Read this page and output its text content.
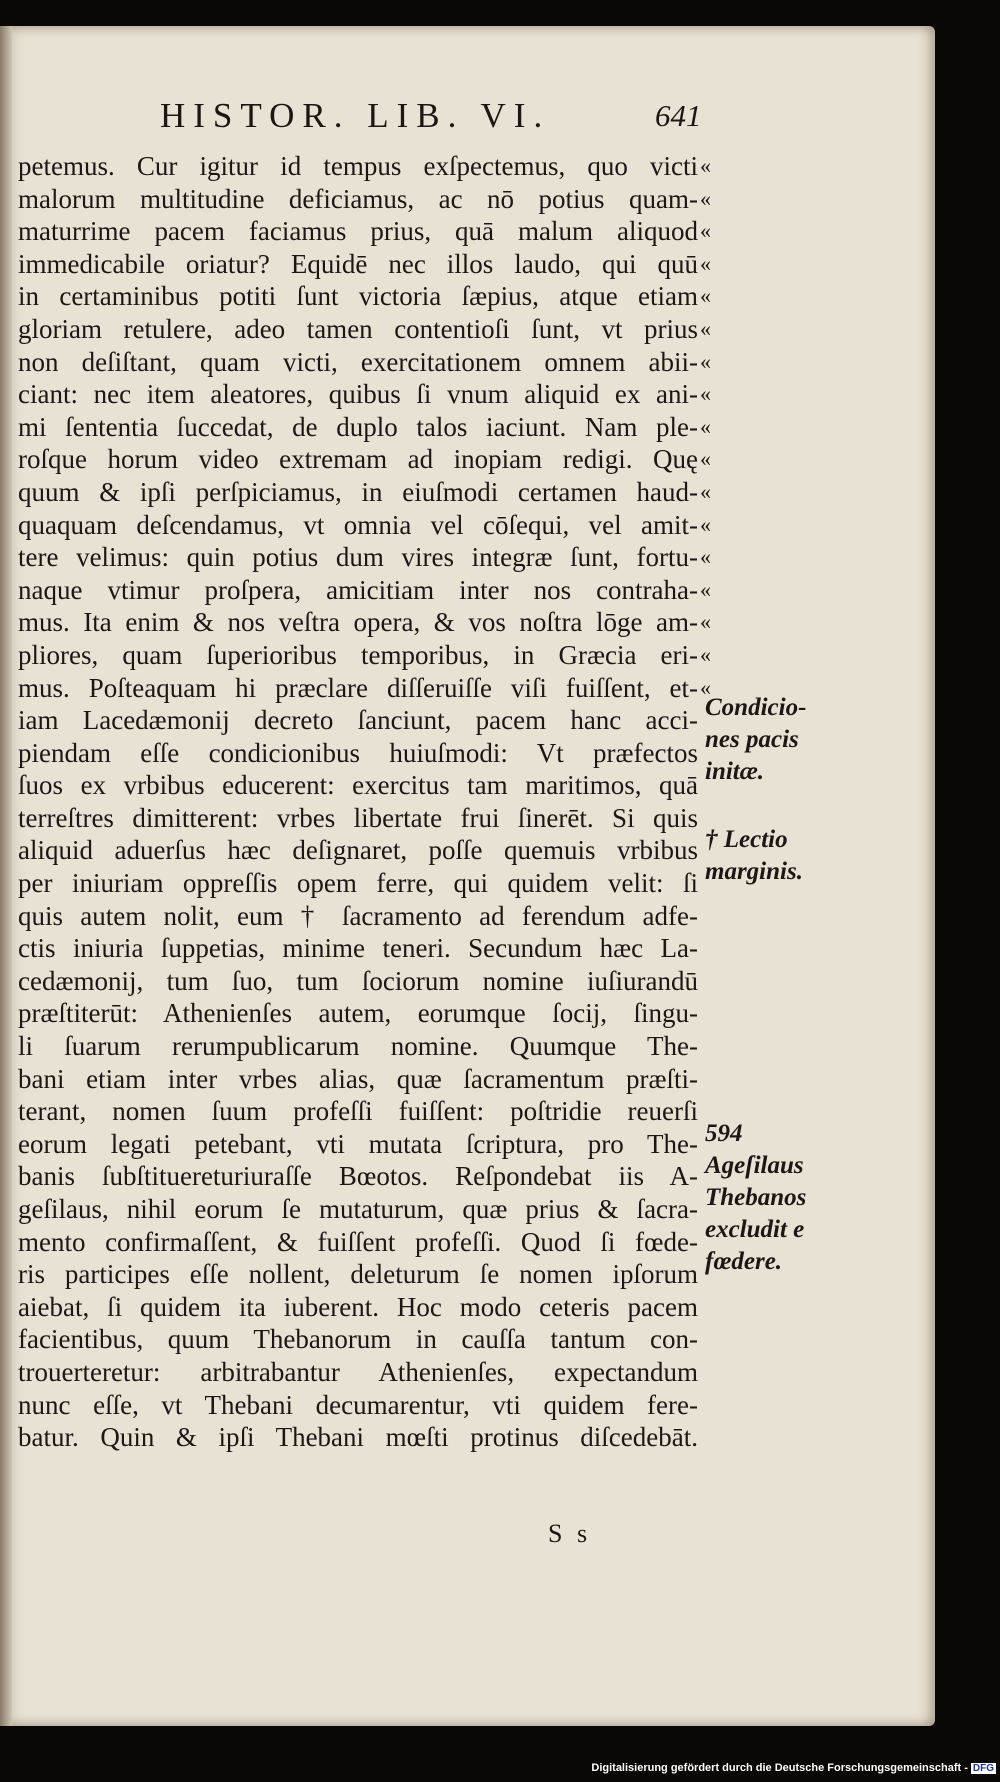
HISTOR. LIB. VI.	641
petemus. Cur igitur id tempus exſpectemus, quo victi
malorum multitudine deficiamus, ac nō potius quam-
maturrime pacem faciamus prius, quā malum aliquod
immedicabile oriatur? Equidē nec illos laudo, qui quū
in certaminibus potiti ſunt victoria ſæpius, atque etiam
gloriam retulere, adeo tamen contentioſi ſunt, vt prius
non deſiſtant, quam victi, exercitationem omnem abii-
ciant: nec item aleatores, quibus ſi vnum aliquid ex ani-
mi ſententia ſuccedat, de duplo talos iaciunt. Nam ple-
roſque horum video extremam ad inopiam redigi. Quę
quum & ipſi perſpiciamus, in eiuſmodi certamen haud-
quaquam deſcendamus, vt omnia vel cōſequi, vel amit-
tere velimus: quin potius dum vires integræ ſunt, fortu-
naque vtimur proſpera, amicitiam inter nos contraha-
mus. Ita enim & nos veſtra opera, & vos noſtra lōge am-
pliores, quam ſuperioribus temporibus, in Græcia eri-
mus. Poſteaquam hi præclare diſſeruiſſe viſi fuiſſent, et-
iam Lacedæmonij decreto ſanciunt, pacem hanc acci-
piendam eſſe condicionibus huiuſmodi: Vt præfectos
ſuos ex vrbibus educerent: exercitus tam maritimos, quā
terreſtres dimitterent: vrbes libertate frui ſinerēt. Si quis
aliquid aduerſus hæc deſignaret, poſſe quemuis vrbibus
per iniuriam oppreſſis opem ferre, qui quidem velit: ſi
quis autem nolit, eum † ſacramento ad ferendum adfe-
ctis iniuria ſuppetias, minime teneri. Secundum hæc La-
cedæmonij, tum ſuo, tum ſociorum nomine iuſiurandū
præſtiterūt: Athenienſes autem, eorumque ſocij, ſingu-
li ſuarum rerumpublicarum nomine. Quumque The-
bani etiam inter vrbes alias, quæ ſacramentum præſti-
terant, nomen ſuum profeſſi fuiſſent: poſtridie reuerſi
eorum legati petebant, vti mutata ſcriptura, pro The-
banis ſubſtituereturiuraſſe Bœotos. Reſpondebat iis A-
geſilaus, nihil eorum ſe mutaturum, quæ prius & ſacra-
mento confirmaſſent, & fuiſſent profeſſi. Quod ſi fœde-
ris participes eſſe nollent, deleturum ſe nomen ipſorum
aiebat, ſi quidem ita iuberent. Hoc modo ceteris pacem
facientibus, quum Thebanorum in cauſſa tantum con-
trouerteretur: arbitrabantur Athenienſes, expectandum
nunc eſſe, vt Thebani decumarentur, vti quidem fere-
batur. Quin & ipſi Thebani mœſti protinus diſcedebāt.
«
«
«
«
«
«
«
«
«
«
«
«
«
«
«
«
«
Condicio-
nes pacis
initæ.
† Lectio
marginis.
594
Ageſilaus
Thebanos
excludit e
fœdere.
S s
Digitalisierung gefördert durch die Deutsche Forschungsgemeinschaft - DFG
